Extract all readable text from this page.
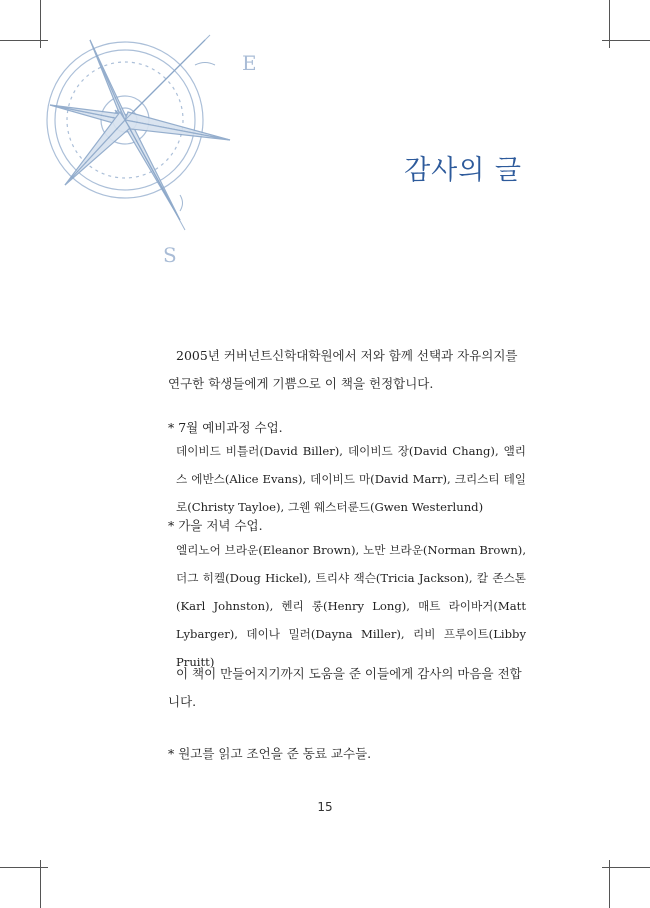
E
S
감사의 글
2005년 커버넌트신학대학원에서 저와 함께 선택과 자유의지를 연구한 학생들에게 기쁨으로 이 책을 헌정합니다.
* 7월 예비과정 수업.
데이비드 비틀러(David Biller), 데이비드 장(David Chang), 앨리스 에반스(Alice Evans), 데이비드 마(David Marr), 크리스티 테일로(Christy Tayloe), 그웬 웨스터룬드(Gwen Westerlund)
* 가을 저녁 수업.
엘리노어 브라운(Eleanor Brown), 노만 브라운(Norman Brown), 더그 히켈(Doug Hickel), 트리샤 잭슨(Tricia Jackson), 칼 존스톤(Karl Johnston), 헨리 롱(Henry Long), 매트 라이바거(Matt Lybarger), 데이나 밀러(Dayna Miller), 리비 프루이트(Libby Pruitt)
이 책이 만들어지기까지 도움을 준 이들에게 감사의 마음을 전합니다.
* 원고를 읽고 조언을 준 동료 교수들.
15
